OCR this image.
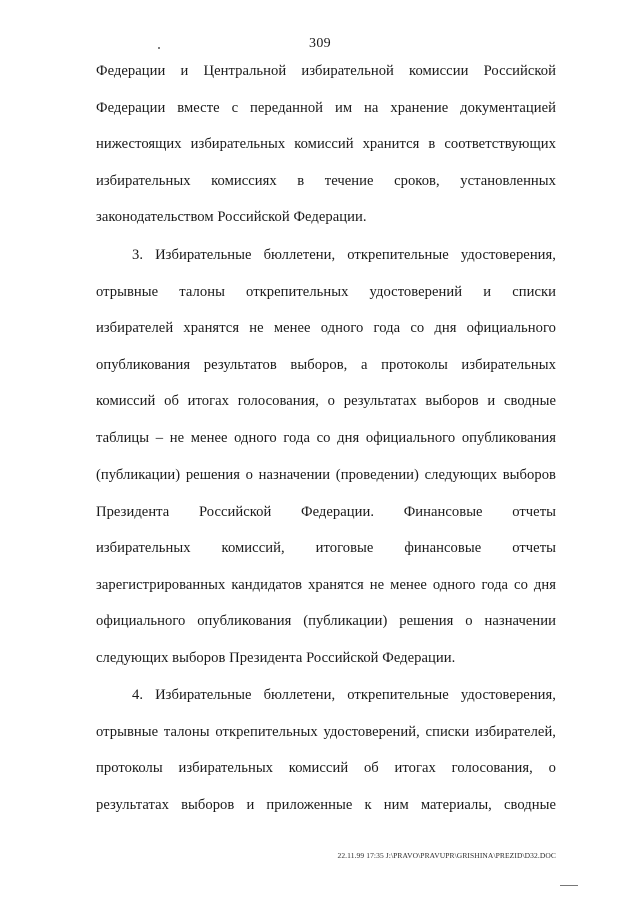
309
Федерации и Центральной избирательной комиссии Российской
Федерации вместе с переданной им на хранение документацией
нижестоящих избирательных комиссий хранится в соответствующих
избирательных комиссиях в течение сроков, установленных
законодательством Российской Федерации.
3. Избирательные бюллетени, открепительные удостоверения,
отрывные талоны открепительных удостоверений и списки
избирателей хранятся не менее одного года со дня официального
опубликования результатов выборов, а протоколы избирательных
комиссий об итогах голосования, о результатах выборов и сводные
таблицы – не менее одного года со дня официального опубликования
(публикации) решения о назначении (проведении) следующих выборов
Президента Российской Федерации. Финансовые отчеты
избирательных комиссий, итоговые финансовые отчеты
зарегистрированных кандидатов хранятся не менее одного года со дня
официального опубликования (публикации) решения о назначении
следующих выборов Президента Российской Федерации.
4. Избирательные бюллетени, открепительные удостоверения,
отрывные талоны открепительных удостоверений, списки избирателей,
протоколы избирательных комиссий об итогах голосования, о
результатах выборов и приложенные к ним материалы, сводные
22.11.99 17:35 J:\PRAVO\PRAVUPR\GRISHINA\PREZID\D32.DOC
